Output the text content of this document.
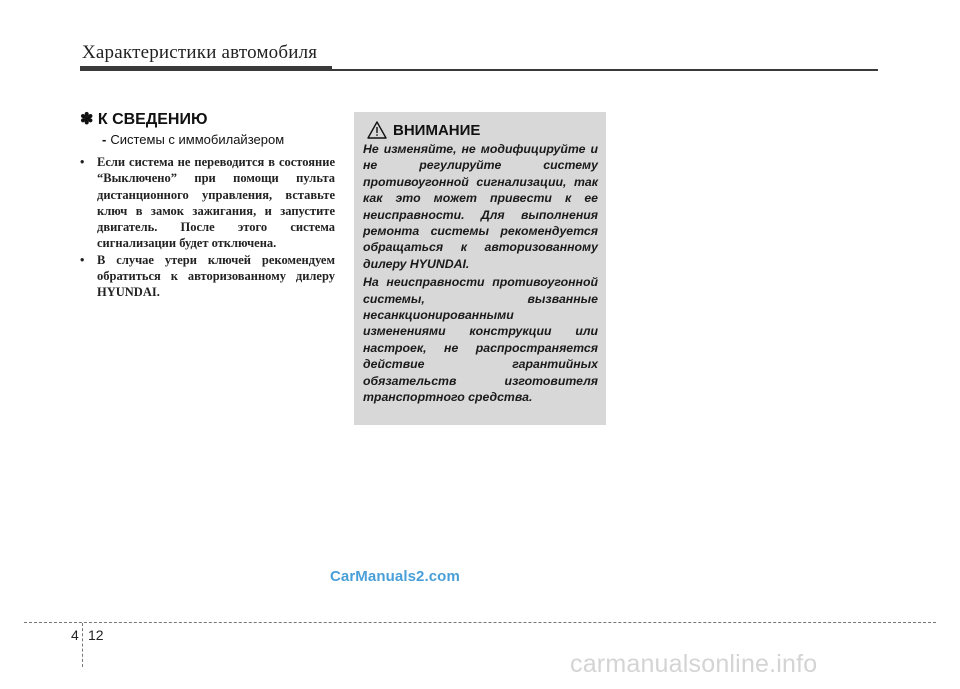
Характеристики автомобиля
✽ К СВЕДЕНИЮ
- Системы с иммобилайзером
• Если система не переводится в состояние “Выключено” при помощи пульта дистанционного управления, вставьте ключ в замок зажигания, и запустите двигатель. После этого система сигнализации будет отключена.
• В случае утери ключей рекомендуем обратиться к авторизованному дилеру HYUNDAI.
ВНИМАНИЕ

Не изменяйте, не модифицируйте и не регулируйте систему противоугонной сигнализации, так как это может привести к ее неисправности. Для выполнения ремонта системы рекомендуется обращаться к авторизованному дилеру HYUNDAI.

На неисправности противоугонной системы, вызванные несанкционированными изменениями конструкции или настроек, не распространяется действие гарантийных обязательств изготовителя транспортного средства.

CarManuals2.com
4 12
carmanualsonline.info
